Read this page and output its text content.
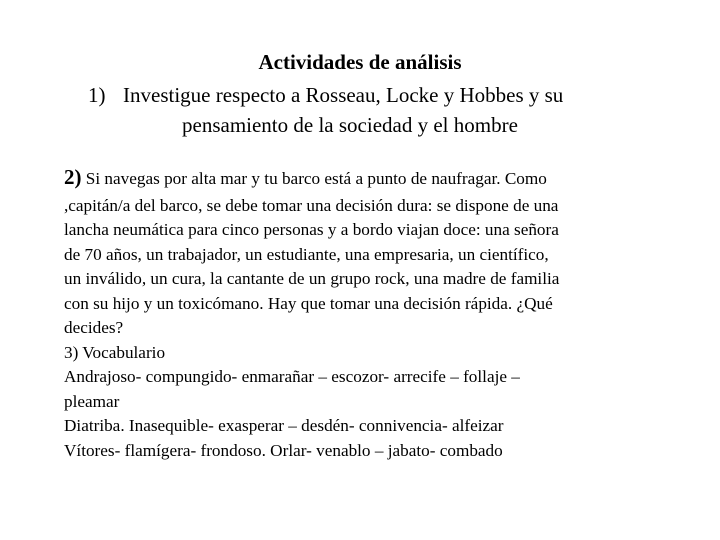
Actividades de análisis
1) Investigue respecto a Rosseau, Locke y Hobbes y su
pensamiento de la sociedad y el hombre
2) Si navegas por alta mar y tu barco está a punto de naufragar. Como
,capitán/a del barco, se debe tomar una decisión dura: se dispone de una
lancha neumática para cinco personas y a bordo viajan doce: una señora
de 70 años, un trabajador, un estudiante, una empresaria, un científico,
un inválido, un cura, la cantante de un grupo rock, una madre de familia
con su hijo y un toxicómano. Hay que tomar una decisión rápida. ¿Qué
decides?
3) Vocabulario
Andrajoso- compungido- enmarañar – escozor- arrecife – follaje –
pleamar
Diatriba. Inasequible- exasperar – desdén- connivencia- alfeizar
Vítores- flamígera- frondoso. Orlar- venablo – jabato- combado
